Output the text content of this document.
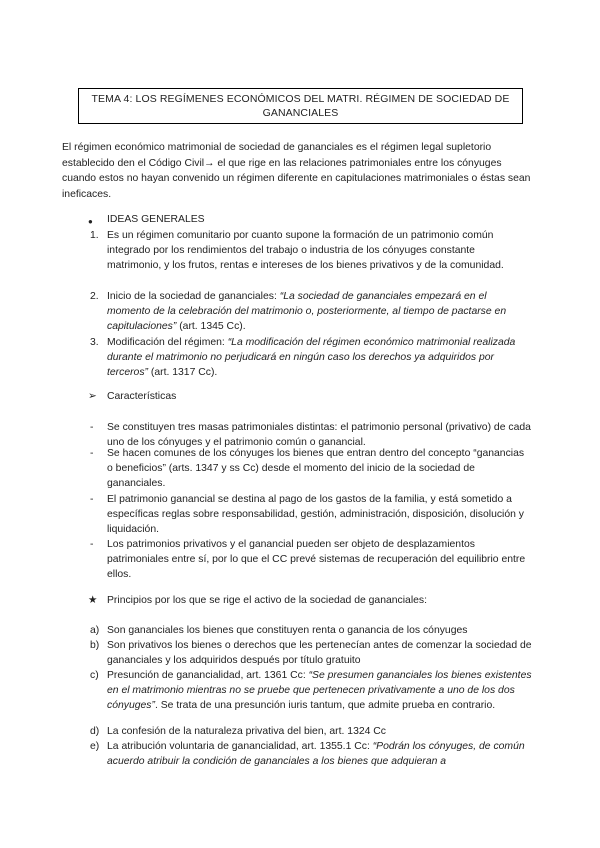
TEMA 4: LOS REGÍMENES ECONÓMICOS DEL MATRI. RÉGIMEN DE SOCIEDAD DE GANANCIALES
El régimen económico matrimonial de sociedad de gananciales es el régimen legal supletorio establecido den el Código Civil→ el que rige en las relaciones patrimoniales entre los cónyuges cuando estos no hayan convenido un régimen diferente en capitulaciones matrimoniales o éstas sean ineficaces.
● IDEAS GENERALES
1. Es un régimen comunitario por cuanto supone la formación de un patrimonio común integrado por los rendimientos del trabajo o industria de los cónyuges constante matrimonio, y los frutos, rentas e intereses de los bienes privativos y de la comunidad.
2. Inicio de la sociedad de gananciales: “La sociedad de gananciales empezará en el momento de la celebración del matrimonio o, posteriormente, al tiempo de pactarse en capitulaciones” (art. 1345 Cc).
3. Modificación del régimen: “La modificación del régimen económico matrimonial realizada durante el matrimonio no perjudicará en ningún caso los derechos ya adquiridos por terceros” (art. 1317 Cc).
➢ Características
- Se constituyen tres masas patrimoniales distintas: el patrimonio personal (privativo) de cada uno de los cónyuges y el patrimonio común o ganancial.
- Se hacen comunes de los cónyuges los bienes que entran dentro del concepto “ganancias o beneficios” (arts. 1347 y ss Cc) desde el momento del inicio de la sociedad de gananciales.
- El patrimonio ganancial se destina al pago de los gastos de la familia, y está sometido a específicas reglas sobre responsabilidad, gestión, administración, disposición, disolución y liquidación.
- Los patrimonios privativos y el ganancial pueden ser objeto de desplazamientos patrimoniales entre sí, por lo que el CC prevé sistemas de recuperación del equilibrio entre ellos.
★ Principios por los que se rige el activo de la sociedad de gananciales:
a) Son gananciales los bienes que constituyen renta o ganancia de los cónyuges
b) Son privativos los bienes o derechos que les pertenecían antes de comenzar la sociedad de gananciales y los adquiridos después por título gratuito
c) Presunción de ganancialidad, art. 1361 Cc: “Se presumen gananciales los bienes existentes en el matrimonio mientras no se pruebe que pertenecen privativamente a uno de los dos cónyuges”. Se trata de una presunción iuris tantum, que admite prueba en contrario.
d) La confesión de la naturaleza privativa del bien, art. 1324 Cc
e) La atribución voluntaria de ganancialidad, art. 1355.1 Cc: “Podrán los cónyuges, de común acuerdo atribuir la condición de gananciales a los bienes que adquieran a
